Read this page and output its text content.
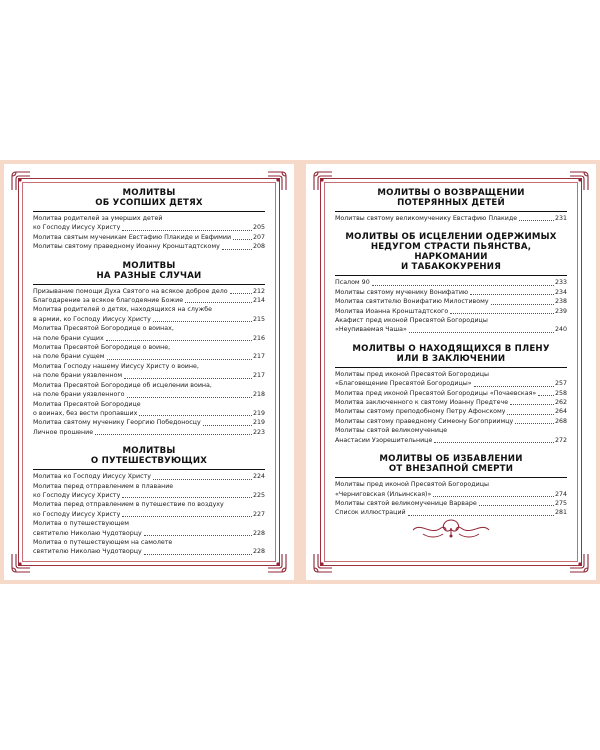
МОЛИТВЫ
ОБ УСОПШИХ ДЕТЯХ
Молитва родителей за умерших детей
ко Господу Иисусу Христу	205
Молитва святым мученикам Евстафию Плакиде и Евфимии	207
Молитвы святому праведному Иоанну Кронштадтскому	208
МОЛИТВЫ
НА РАЗНЫЕ СЛУЧАИ
Призывание помощи Духа Святого на всякое доброе дело	212
Благодарение за всякое благодеяние Божие	214
Молитва родителей о детях, находящихся на службе
в армии, ко Господу Иисусу Христу	215
Молитва Пресвятой Богородице о воинах,
на поле брани сущих	216
Молитва Пресвятой Богородице о воине,
на поле брани сущем	217
Молитва Господу нашему Иисусу Христу о воине,
на поле брани уязвленном	217
Молитва Пресвятой Богородице об исцелении воина,
на поле брани уязвленного	218
Молитва Пресвятой Богородице
о воинах, без вести пропавших	219
Молитва святому мученику Георгию Победоносцу	219
Личное прошение	223
МОЛИТВЫ
О ПУТЕШЕСТВУЮЩИХ
Молитва ко Господу Иисусу Христу	224
Молитва перед отправлением в плавание
ко Господу Иисусу Христу	225
Молитва перед отправлением в путешествие по воздуху
ко Господу Иисусу Христу	227
Молитва о путешествующем
святителю Николаю Чудотворцу	228
Молитва о путешествующем на самолете
святителю Николаю Чудотворцу	228
МОЛИТВЫ О ВОЗВРАЩЕНИИ
ПОТЕРЯННЫХ ДЕТЕЙ
Молитвы святому великомученику Евстафию Плакиде	231
МОЛИТВЫ ОБ ИСЦЕЛЕНИИ ОДЕРЖИМЫХ
НЕДУГОМ СТРАСТИ ПЬЯНСТВА, НАРКОМАНИИ
И ТАБАКОКУРЕНИЯ
Псалом 90	233
Молитвы святому мученику Вонифатию	234
Молитва святителю Вонифатию Милостивому	238
Молитва Иоанна Кронштадтского	239
Акафист пред иконой Пресвятой Богородицы
«Неупиваемая Чаша»	240
МОЛИТВЫ О НАХОДЯЩИХСЯ В ПЛЕНУ
ИЛИ В ЗАКЛЮЧЕНИИ
Молитвы пред иконой Пресвятой Богородицы
«Благовещение Пресвятой Богородицы»	257
Молитва пред иконой Пресвятой Богородицы «Почаевская»	258
Молитва заключенного к святому Иоанну Предтече	262
Молитвы святому преподобному Петру Афонскому	264
Молитвы святому праведному Симеону Богоприимцу	268
Молитвы святой великомученице
Анастасии Узорешительнице	272
МОЛИТВЫ ОБ ИЗБАВЛЕНИИ
ОТ ВНЕЗАПНОЙ СМЕРТИ
Молитвы пред иконой Пресвятой Богородицы
«Черниговская (Ильинская)»	274
Молитвы святой великомученице Варваре	275
Список иллюстраций	281
